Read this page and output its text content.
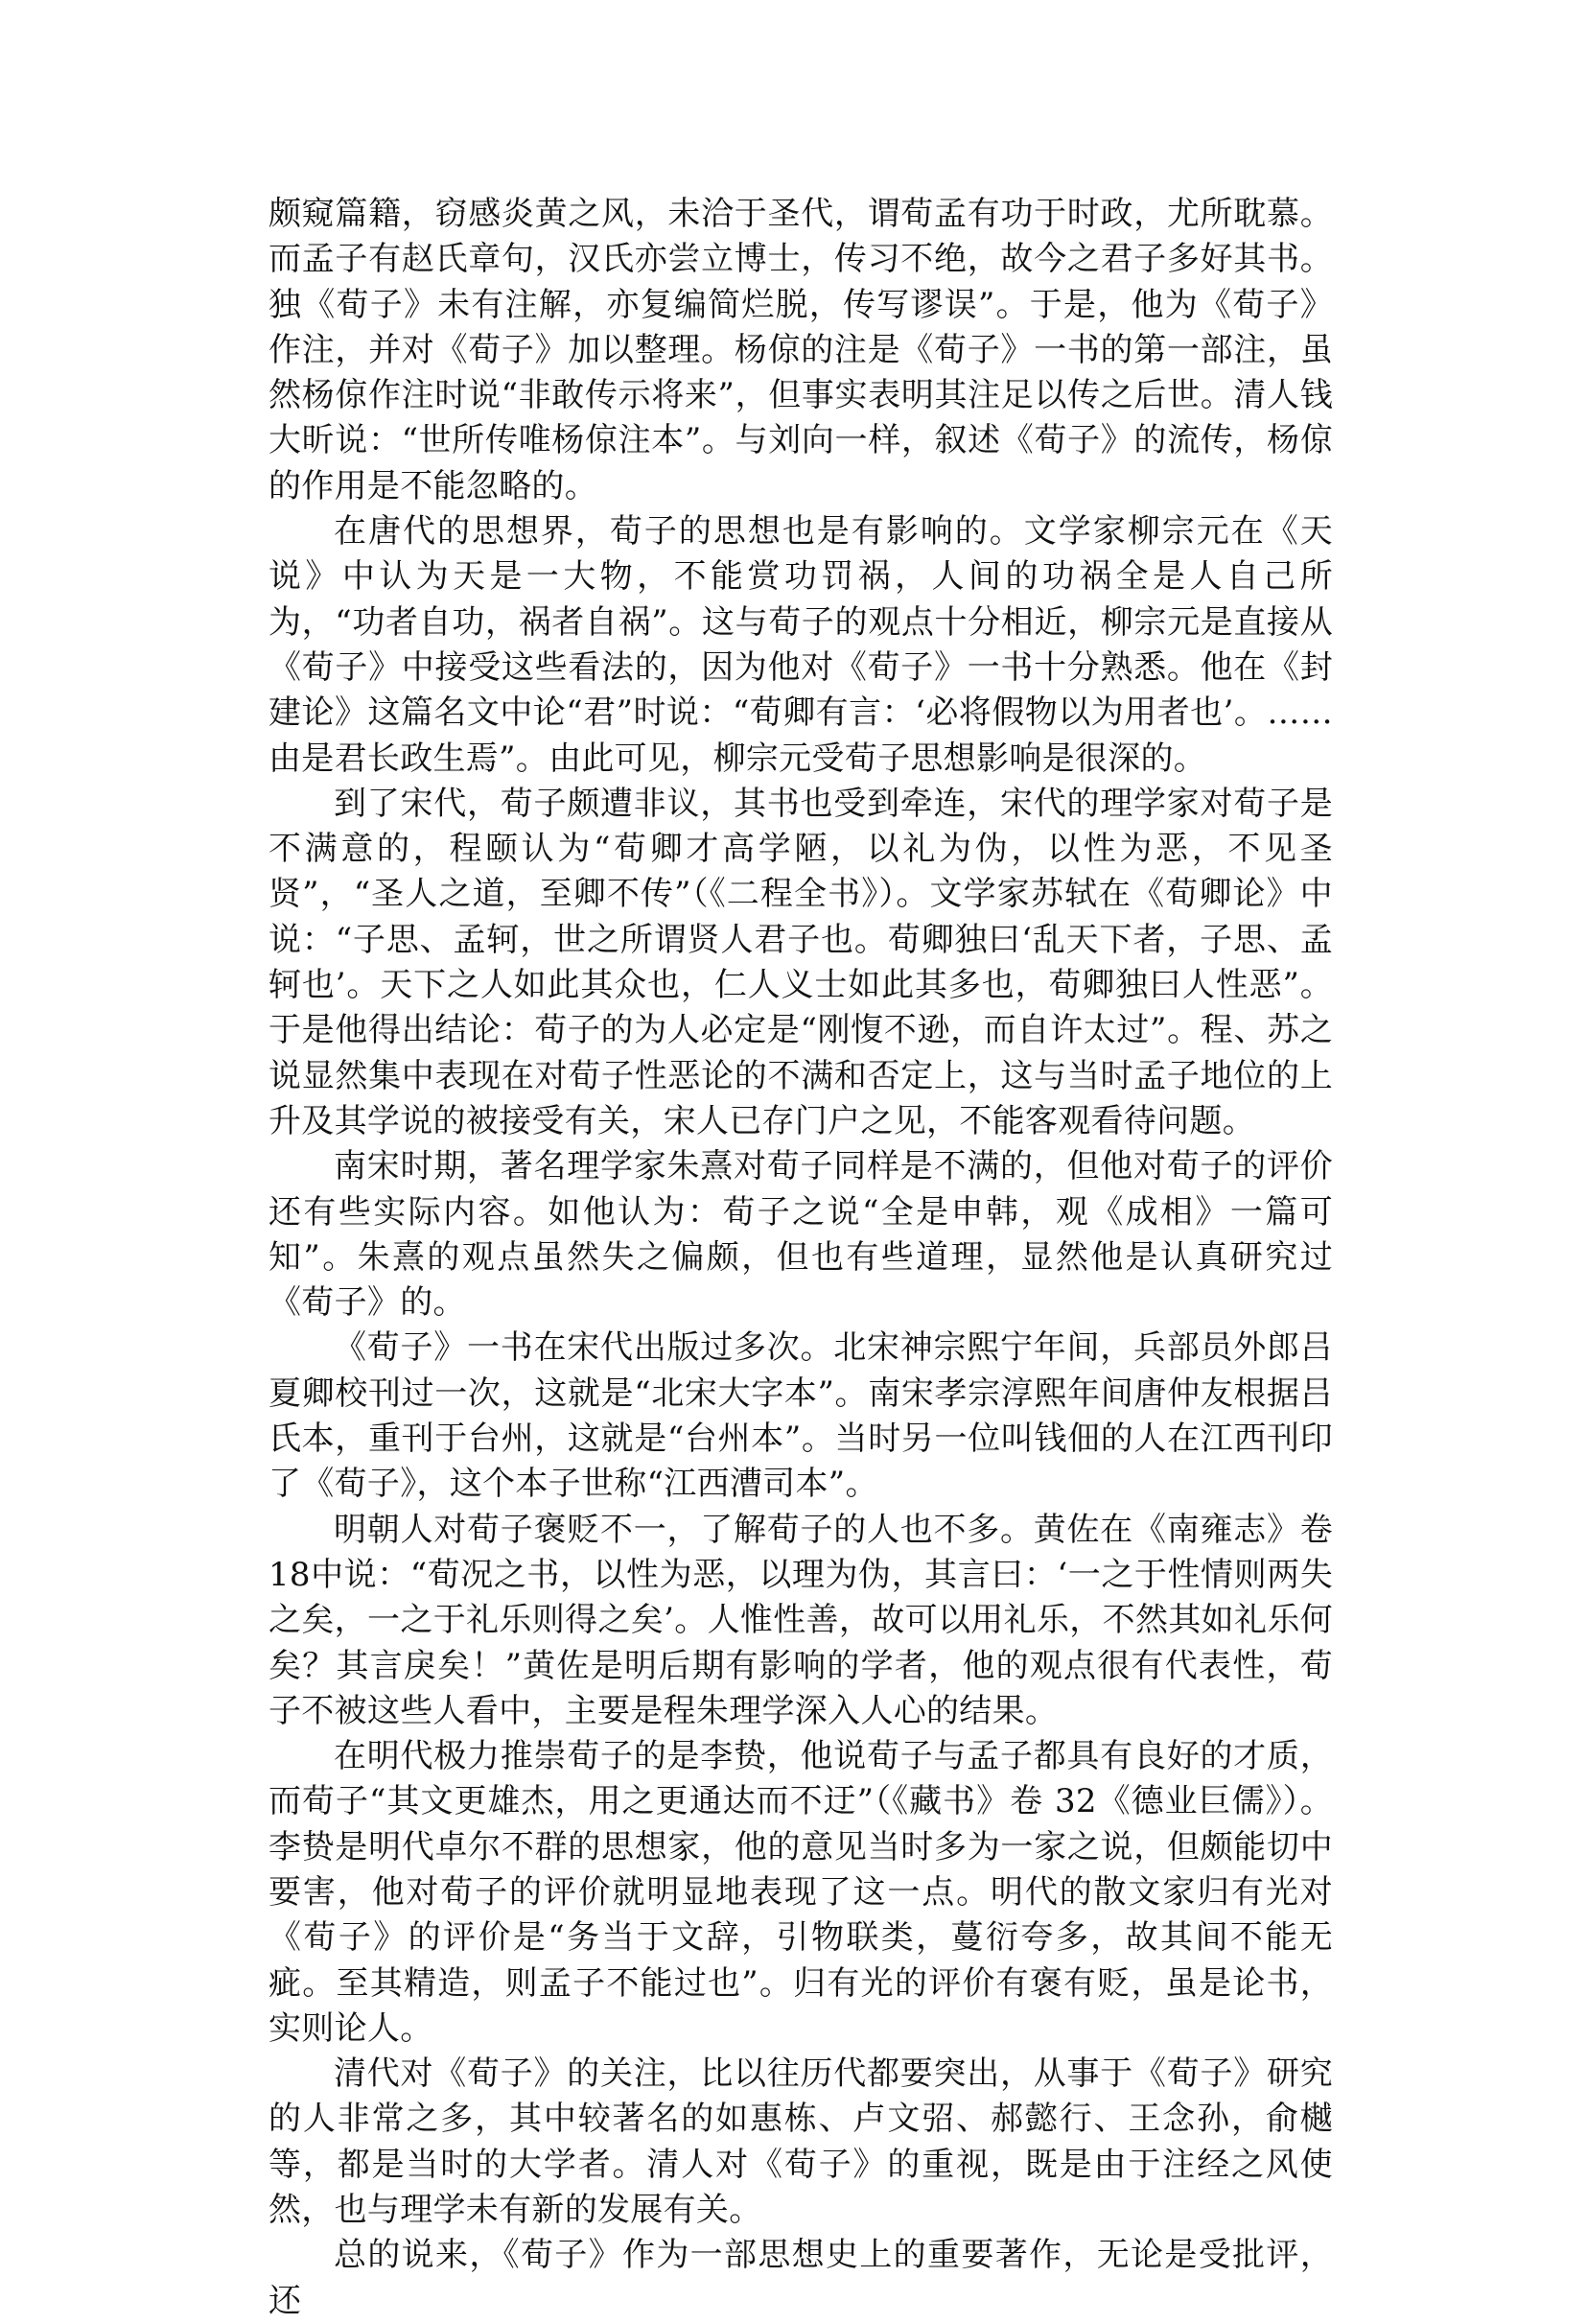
颇窥篇籍，窃感炎黄之风，未洽于圣代，谓荀孟有功于时政，尤所耽慕。而孟子有赵氏章句，汉氏亦尝立博士，传习不绝，故今之君子多好其书。独《荀子》未有注解，亦复编简烂脱，传写谬误”。于是，他为《荀子》作注，并对《荀子》加以整理。杨倞的注是《荀子》一书的第一部注，虽然杨倞作注时说“非敢传示将来”，但事实表明其注足以传之后世。清人钱大昕说：“世所传唯杨倞注本”。与刘向一样，叙述《荀子》的流传，杨倞的作用是不能忽略的。

在唐代的思想界，荀子的思想也是有影响的。文学家柳宗元在《天说》中认为天是一大物，不能赏功罚祸，人间的功祸全是人自己所为，“功者自功，祸者自祸”。这与荀子的观点十分相近，柳宗元是直接从《荀子》中接受这些看法的，因为他对《荀子》一书十分熟悉。他在《封建论》这篇名文中论“君”时说：“荀卿有言：‘必将假物以为用者也’。……由是君长政生焉”。由此可见，柳宗元受荀子思想影响是很深的。

到了宋代，荀子颇遭非议，其书也受到牵连，宋代的理学家对荀子是不满意的，程颐认为“荀卿才高学陋，以礼为伪，以性为恶，不见圣贤”，“圣人之道，至卿不传”（《二程全书》）。文学家苏轼在《荀卿论》中说：“子思、孟轲，世之所谓贤人君子也。荀卿独曰‘乱天下者，子思、孟轲也’。天下之人如此其众也，仁人义士如此其多也，荀卿独曰人性恶”。于是他得出结论：荀子的为人必定是“刚愎不逊，而自许太过”。程、苏之说显然集中表现在对荀子性恶论的不满和否定上，这与当时孟子地位的上升及其学说的被接受有关，宋人已存门户之见，不能客观看待问题。

南宋时期，著名理学家朱熹对荀子同样是不满的，但他对荀子的评价还有些实际内容。如他认为：荀子之说“全是申韩，观《成相》一篇可知”。朱熹的观点虽然失之偏颇，但也有些道理，显然他是认真研究过《荀子》的。

《荀子》一书在宋代出版过多次。北宋神宗熙宁年间，兵部员外郎吕夏卿校刊过一次，这就是“北宋大字本”。南宋孝宗淳熙年间唐仲友根据吕氏本，重刊于台州，这就是“台州本”。当时另一位叫钱佃的人在江西刊印了《荀子》，这个本子世称“江西漕司本”。

明朝人对荀子褒贬不一，了解荀子的人也不多。黄佐在《南雍志》卷 18中说：“荀况之书，以性为恶，以理为伪，其言曰：‘一之于性情则两失之矣，一之于礼乐则得之矣’。人惟性善，故可以用礼乐，不然其如礼乐何矣？其言戾矣！”黄佐是明后期有影响的学者，他的观点很有代表性，荀子不被这些人看中，主要是程朱理学深入人心的结果。

在明代极力推崇荀子的是李贽，他说荀子与孟子都具有良好的才质，而荀子“其文更雄杰，用之更通达而不迂”（《藏书》卷 32《德业巨儒》）。李贽是明代卓尔不群的思想家，他的意见当时多为一家之说，但颇能切中要害，他对荀子的评价就明显地表现了这一点。明代的散文家归有光对《荀子》的评价是“务当于文辞，引物联类，蔓衍夸多，故其间不能无疵。至其精造，则孟子不能过也”。归有光的评价有褒有贬，虽是论书，实则论人。

清代对《荀子》的关注，比以往历代都要突出，从事于《荀子》研究的人非常之多，其中较著名的如惠栋、卢文弨、郝懿行、王念孙，俞樾等，都是当时的大学者。清人对《荀子》的重视，既是由于注经之风使然，也与理学未有新的发展有关。

总的说来，《荀子》作为一部思想史上的重要著作，无论是受批评，还
